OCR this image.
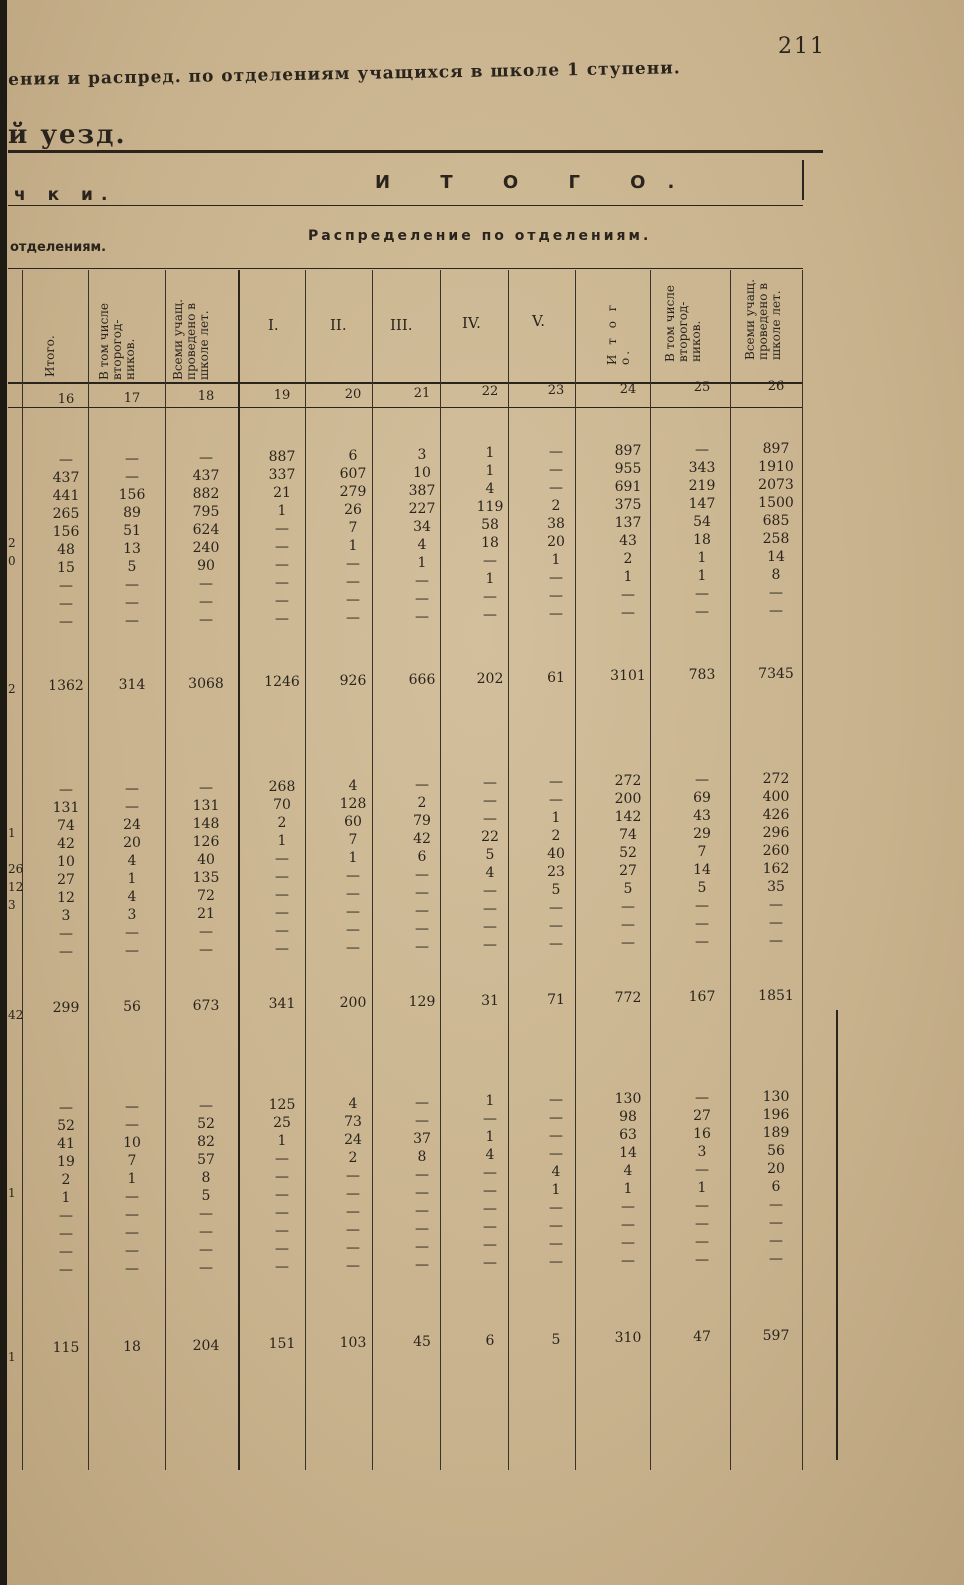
211
ения и распред. по отделениям учащихся в школе 1 ступени.
й уезд.
ч к и.
И Т О Г О.
отделениям.
Распределение по отделениям.
Итого.	В том числе
второгод-
ников.	Всеми учащ.
проведено в
школе лет.	I.	II.	III.	IV.	V.	И т о г о.	В том числе
второгод-
ников.	Всеми учащ.
проведено в
школе лет.
16	17	18	19	20	21	22	23	24	25	26
—	—	—	887	6	3	1	—	897	—	897
437	—	437	337	607	10	1	—	955	343	1910
441	156	882	21	279	387	4	—	691	219	2073
265	89	795	1	26	227	119	2	375	147	1500
156	51	624	—	7	34	58	38	137	54	685
48	13	240	—	1	4	18	20	43	18	258
15	5	90	—	—	1	—	1	2	1	14
—	—	—	—	—	—	1	—	1	1	8
—	—	—	—	—	—	—	—	—	—	—
—	—	—	—	—	—	—	—	—	—	—
1362	314	3068	1246	926	666	202	61	3101	783	7345
—	—	—	268	4	—	—	—	272	—	272
131	—	131	70	128	2	—	—	200	69	400
74	24	148	2	60	79	—	1	142	43	426
42	20	126	1	7	42	22	2	74	29	296
10	4	40	—	1	6	5	40	52	7	260
27	1	135	—	—	—	4	23	27	14	162
12	4	72	—	—	—	—	5	5	5	35
3	3	21	—	—	—	—	—	—	—	—
—	—	—	—	—	—	—	—	—	—	—
—	—	—	—	—	—	—	—	—	—	—
299	56	673	341	200	129	31	71	772	167	1851
—	—	—	125	4	—	1	—	130	—	130
52	—	52	25	73	—	—	—	98	27	196
41	10	82	1	24	37	1	—	63	16	189
19	7	57	—	2	8	4	—	14	3	56
2	1	8	—	—	—	—	4	4	—	20
1	—	5	—	—	—	—	1	1	1	6
—	—	—	—	—	—	—	—	—	—	—
—	—	—	—	—	—	—	—	—	—	—
—	—	—	—	—	—	—	—	—	—	—
—	—	—	—	—	—	—	—	—	—	—
115	18	204	151	103	45	6	5	310	47	597
2
0
1
26
12
3
1
2
42
1
